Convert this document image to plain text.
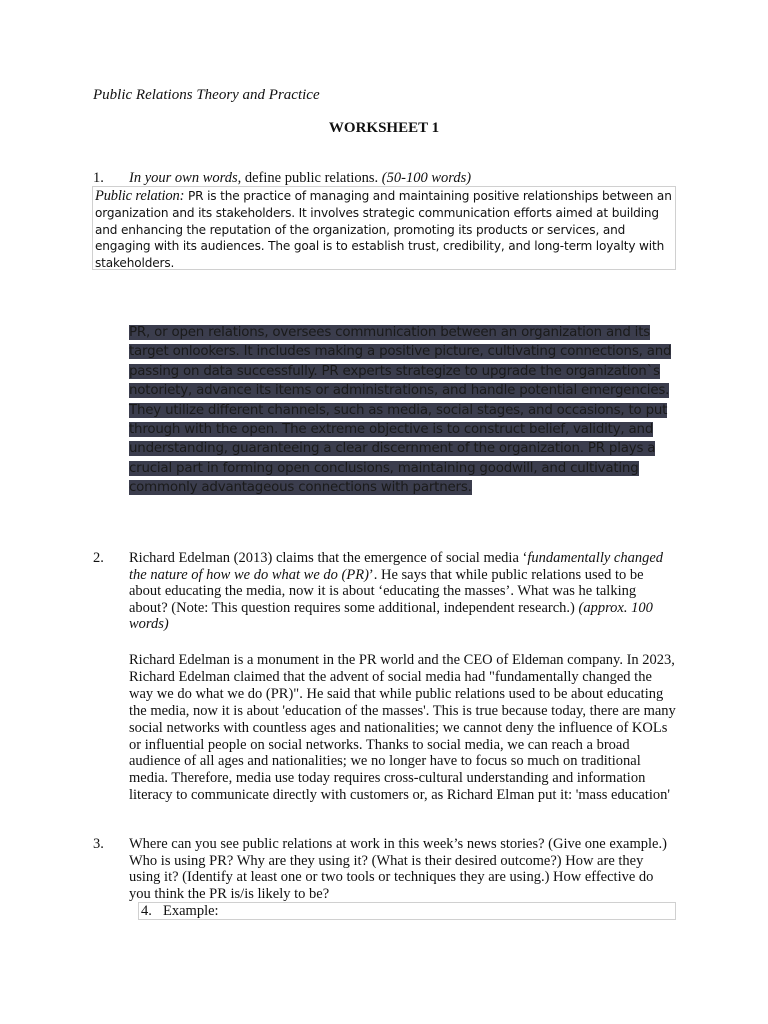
Public Relations Theory and Practice
WORKSHEET 1
1. In your own words, define public relations. (50-100 words)
Public relation: PR is the practice of managing and maintaining positive relationships between an organization and its stakeholders. It involves strategic communication efforts aimed at building and enhancing the reputation of the organization, promoting its products or services, and engaging with its audiences. The goal is to establish trust, credibility, and long-term loyalty with stakeholders.
PR, or open relations, oversees communication between an organization and its target onlookers. It includes making a positive picture, cultivating connections, and passing on data successfully. PR experts strategize to upgrade the organization`s notoriety, advance its items or administrations, and handle potential emergencies. They utilize different channels, such as media, social stages, and occasions, to put through with the open. The extreme objective is to construct belief, validity, and understanding, guaranteeing a clear discernment of the organization. PR plays a crucial part in forming open conclusions, maintaining goodwill, and cultivating commonly advantageous connections with partners.
2. Richard Edelman (2013) claims that the emergence of social media ‘fundamentally changed the nature of how we do what we do (PR)’. He says that while public relations used to be about educating the media, now it is about ‘educating the masses’. What was he talking about? (Note: This question requires some additional, independent research.) (approx. 100 words)
Richard Edelman is a monument in the PR world and the CEO of Eldeman company. In 2023, Richard Edelman claimed that the advent of social media had "fundamentally changed the way we do what we do (PR)". He said that while public relations used to be about educating the media, now it is about 'education of the masses'. This is true because today, there are many social networks with countless ages and nationalities; we cannot deny the influence of KOLs or influential people on social networks. Thanks to social media, we can reach a broad audience of all ages and nationalities; we no longer have to focus so much on traditional media. Therefore, media use today requires cross-cultural understanding and information literacy to communicate directly with customers or, as Richard Elman put it: 'mass education'
3. Where can you see public relations at work in this week’s news stories? (Give one example.) Who is using PR? Why are they using it? (What is their desired outcome?) How are they using it? (Identify at least one or two tools or techniques they are using.) How effective do you think the PR is/is likely to be?
4. Example:
